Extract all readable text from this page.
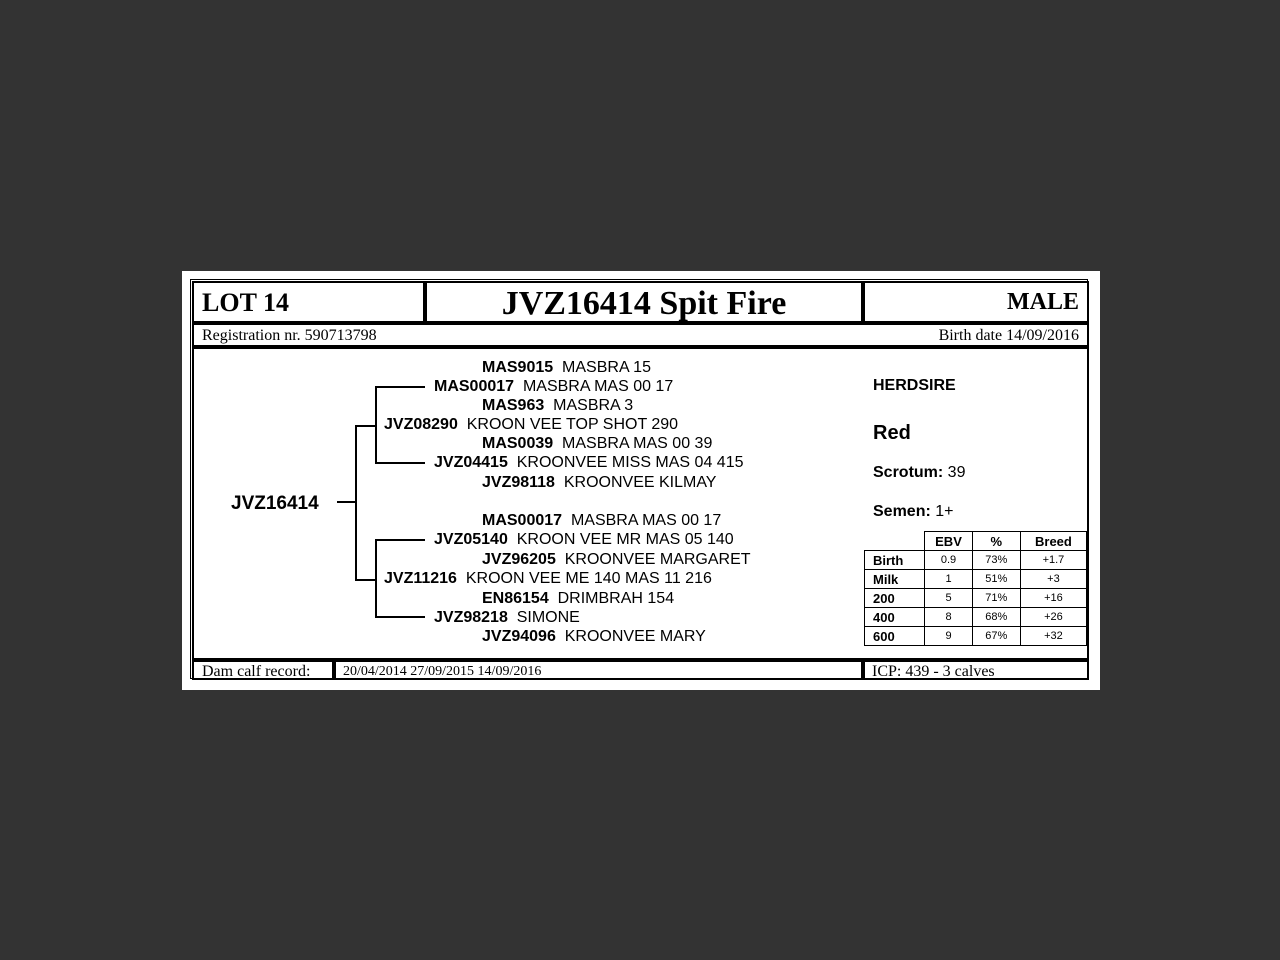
LOT 14	JVZ16414 Spit Fire	MALE
Registration nr. 590713798	Birth date 14/09/2016
JVZ16414
MAS9015 MASBRA 15
MAS00017 MASBRA MAS 00 17
MAS963 MASBRA 3
JVZ08290 KROON VEE TOP SHOT 290
MAS0039 MASBRA MAS 00 39
JVZ04415 KROONVEE MISS MAS 04 415
JVZ98118 KROONVEE KILMAY
MAS00017 MASBRA MAS 00 17
JVZ05140 KROON VEE MR MAS 05 140
JVZ96205 KROONVEE MARGARET
JVZ11216 KROON VEE ME 140 MAS 11 216
EN86154 DRIMBRAH 154
JVZ98218 SIMONE
JVZ94096 KROONVEE MARY
HERDSIRE
Red
Scrotum: 39
Semen: 1+
	EBV	%	Breed
Birth	0.9	73%	+1.7
Milk	1	51%	+3
200	5	71%	+16
400	8	68%	+26
600	9	67%	+32
Dam calf record: 20/04/2014 27/09/2015 14/09/2016	ICP: 439 - 3 calves
